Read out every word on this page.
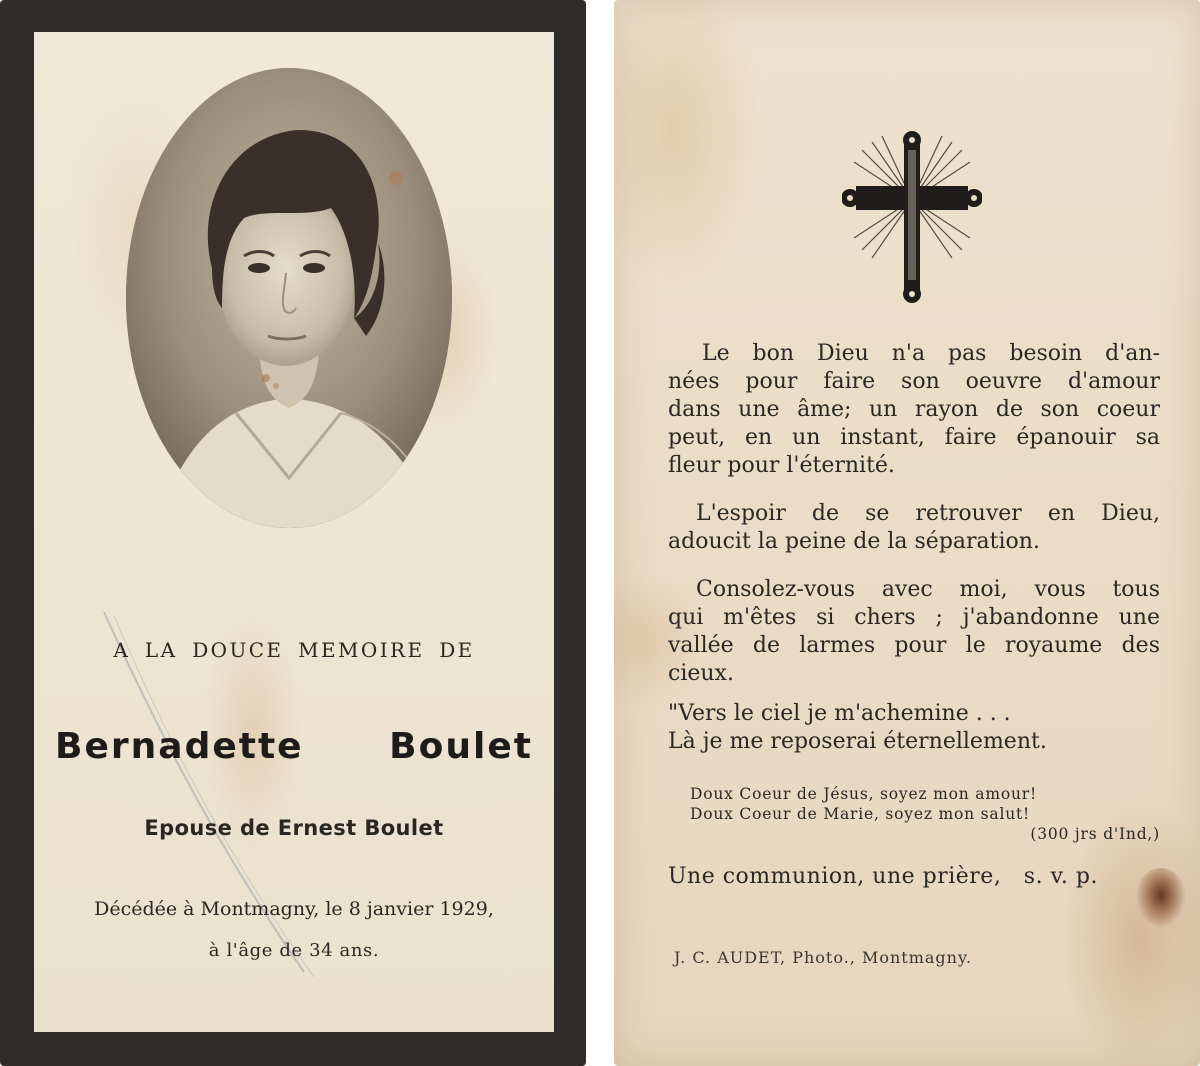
A LA DOUCE MEMOIRE DE
Bernadette   Boulet
Epouse de Ernest Boulet
Décédée à Montmagny, le 8 janvier 1929,
à l'âge de 34 ans.
Le bon Dieu n'a pas besoin d'an-
nées pour faire son oeuvre d'amour
dans une âme; un rayon de son coeur
peut, en un instant, faire épanouir sa
fleur pour l'éternité.
L'espoir de se retrouver en Dieu,
adoucit la peine de la séparation.
Consolez-vous avec moi, vous tous
qui m'êtes si chers ; j'abandonne une
vallée de larmes pour le royaume des
cieux.
"Vers le ciel je m'achemine . . .
Là je me reposerai éternellement.
Doux Coeur de Jésus, soyez mon amour!
Doux Coeur de Marie, soyez mon salut!
(300 jrs d'Ind,)
Une communion, une prière,   s. v. p.
J. C. AUDET, Photo., Montmagny.
